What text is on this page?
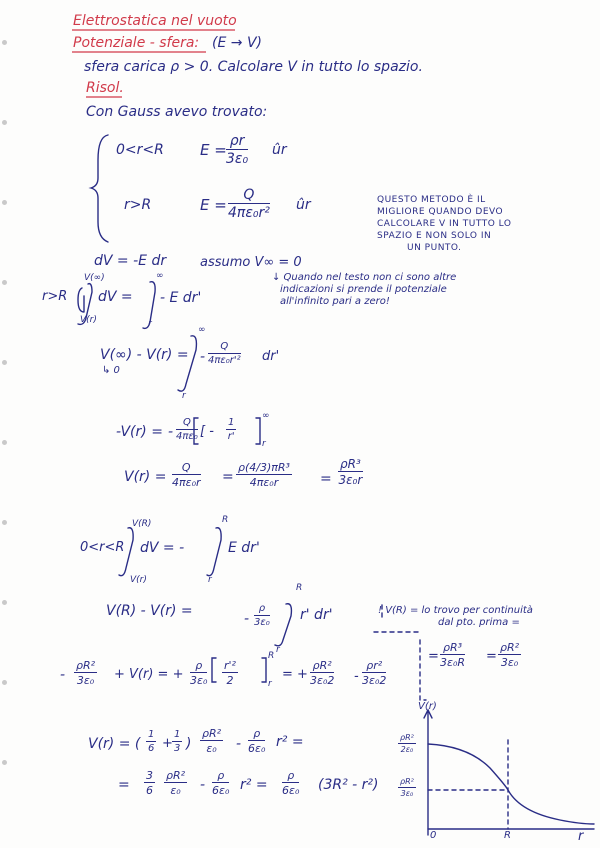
Elettrostatica nel vuoto
Potenziale - sfera: (E → V)
sfera carica ρ > 0. Calcolare V in tutto lo spazio.
Risol.
Con Gauss avevo trovato:
0<r<R $E = \frac{\rho r}{\text{3ε₀}}$ ûr
r>R	$E = \frac{Q}{\text{4πε₀r²}}$ ûr	QUESTO METODO È IL
MIGLIORE QUANDO DEVO
CALCOLARE V IN TUTTO LO
SPAZIO E NON SOLO IN
UN PUNTO.
dV = -E dr	assumo V∞ = 0
↓ Quando nel testo non ci sono altre
indicazioni si prende il potenziale
all'infinito pari a zero!
r>R
V(∞)
V(r)
dV =
∞
r
- E dr'
V(∞) - V(r) =
↳ 0
∞
r
- $\frac{Q}{\text{4πε₀r'²}} dr'$
-V(r) = - $\frac{Q}{\text{4πε₀}}$ [ - $\frac{1}{r'}$
∞
r
$V(r) = \frac{Q}{\text{4πε₀r}} = \frac{\text{ρ(4/3)πR³}}{\text{4πε₀r}} = \frac{\text{ρR³}}{\text{3ε₀r}}$
0<r<R
V(R)
V(r)
dV = -
R
r
E dr'
V(R) - V(r) =	- $\frac{\rho}{\text{3ε₀}}$
R
r
r' dr'	! V(R) = lo trovo per continuità
dal pto. prima =
= $\frac{\text{ρR³}}{\text{3ε₀R}} = \frac{\text{ρR²}}{\text{3ε₀}}$
- $\frac{\text{ρR²}}{\text{3ε₀}} + V(r)$ = + $\frac{\rho}{\text{3ε₀}} \frac{\text{r'²}}{2}$
R
r
= + $\frac{\text{ρR²}}{\text{3ε₀2}} - \frac{\text{ρr²}}{\text{3ε₀2}}$
V(r) = ( $\frac{1}{6} + \frac{1}{3}$ ) $\frac{\text{ρR²}}{\text{ε₀}} - \frac{\rho}{\text{6ε₀}} r^2$ =
= $\frac{3}{6} \frac{\text{ρR²}}{\text{ε₀}} - \frac{\rho}{\text{6ε₀}} r^2 = \frac{\rho}{\text{6ε₀}} (3R^2 - r^2)$
V(r)
r
0	R
$\frac{\text{ρR²}}{\text{2ε₀}}$
$\frac{\text{ρR²}}{\text{3ε₀}}$
